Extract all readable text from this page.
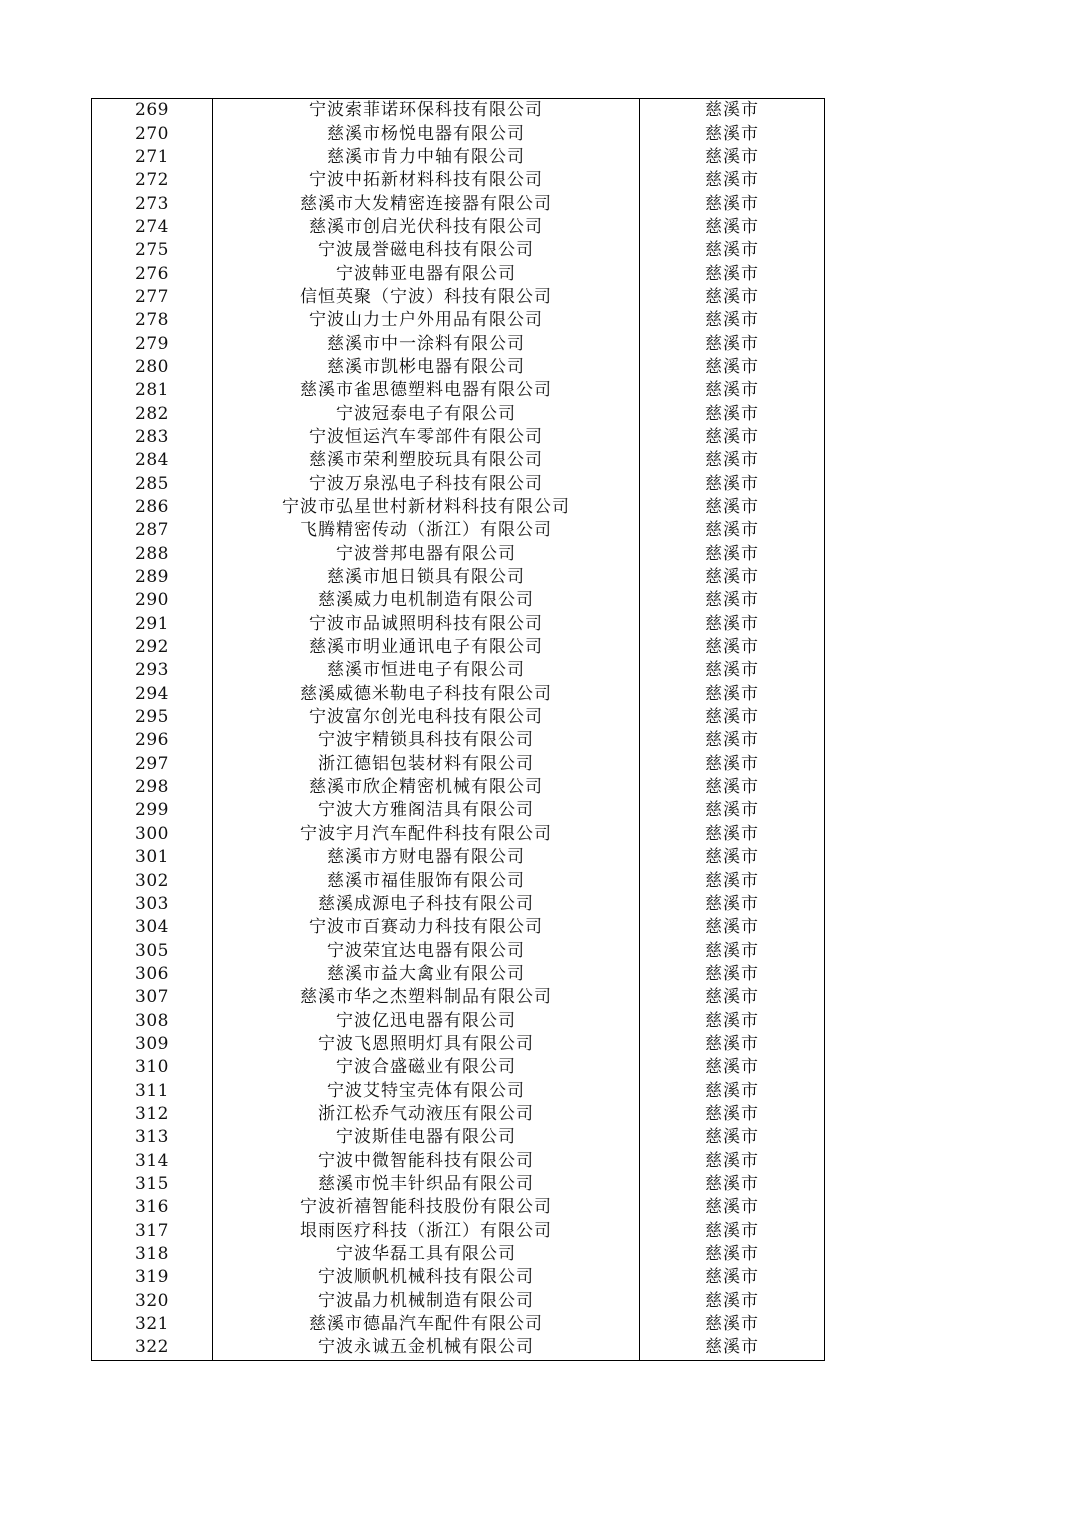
269	宁波索菲诺环保科技有限公司	慈溪市
270	慈溪市杨悦电器有限公司	慈溪市
271	慈溪市肯力中轴有限公司	慈溪市
272	宁波中拓新材料科技有限公司	慈溪市
273	慈溪市大发精密连接器有限公司	慈溪市
274	慈溪市创启光伏科技有限公司	慈溪市
275	宁波晟誉磁电科技有限公司	慈溪市
276	宁波韩亚电器有限公司	慈溪市
277	信恒英聚（宁波）科技有限公司	慈溪市
278	宁波山力士户外用品有限公司	慈溪市
279	慈溪市中一涂料有限公司	慈溪市
280	慈溪市凯彬电器有限公司	慈溪市
281	慈溪市雀思德塑料电器有限公司	慈溪市
282	宁波冠泰电子有限公司	慈溪市
283	宁波恒运汽车零部件有限公司	慈溪市
284	慈溪市荣利塑胶玩具有限公司	慈溪市
285	宁波万泉泓电子科技有限公司	慈溪市
286	宁波市弘星世村新材料科技有限公司	慈溪市
287	飞腾精密传动（浙江）有限公司	慈溪市
288	宁波誉邦电器有限公司	慈溪市
289	慈溪市旭日锁具有限公司	慈溪市
290	慈溪威力电机制造有限公司	慈溪市
291	宁波市品诚照明科技有限公司	慈溪市
292	慈溪市明业通讯电子有限公司	慈溪市
293	慈溪市恒进电子有限公司	慈溪市
294	慈溪威德米勒电子科技有限公司	慈溪市
295	宁波富尔创光电科技有限公司	慈溪市
296	宁波宇精锁具科技有限公司	慈溪市
297	浙江德铝包装材料有限公司	慈溪市
298	慈溪市欣企精密机械有限公司	慈溪市
299	宁波大方雅阁洁具有限公司	慈溪市
300	宁波宇月汽车配件科技有限公司	慈溪市
301	慈溪市方财电器有限公司	慈溪市
302	慈溪市福佳服饰有限公司	慈溪市
303	慈溪成源电子科技有限公司	慈溪市
304	宁波市百赛动力科技有限公司	慈溪市
305	宁波荣宜达电器有限公司	慈溪市
306	慈溪市益大禽业有限公司	慈溪市
307	慈溪市华之杰塑料制品有限公司	慈溪市
308	宁波亿迅电器有限公司	慈溪市
309	宁波飞恩照明灯具有限公司	慈溪市
310	宁波合盛磁业有限公司	慈溪市
311	宁波艾特宝壳体有限公司	慈溪市
312	浙江松乔气动液压有限公司	慈溪市
313	宁波斯佳电器有限公司	慈溪市
314	宁波中微智能科技有限公司	慈溪市
315	慈溪市悦丰针织品有限公司	慈溪市
316	宁波祈禧智能科技股份有限公司	慈溪市
317	垠雨医疗科技（浙江）有限公司	慈溪市
318	宁波华磊工具有限公司	慈溪市
319	宁波顺帆机械科技有限公司	慈溪市
320	宁波晶力机械制造有限公司	慈溪市
321	慈溪市德晶汽车配件有限公司	慈溪市
322	宁波永诚五金机械有限公司	慈溪市
